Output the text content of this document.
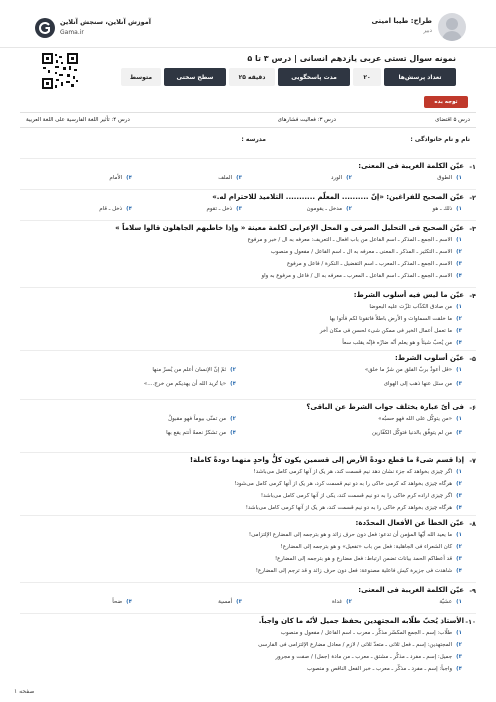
طراح: طیبا امینی
دبیر
آموزش آنلاین، سنجش آنلاین
Gama.ir
نمونه سوال تستی عربی یازدهم انسانی | درس ۳ تا ۵
تعداد پرسش‌ها
۲۰
مدت پاسخگویی
۲۵ دقیقه
سطح سختی
متوسط
توجه بده
درس ۵ اقتضای
درس ۳: فعالیت فشارهای
درس ۴: تأثیر اللغة الفارسیة علی اللغة العربیة
نام و نام خانوادگی :
مدرسه :
۱-
عیّن الکلمة الغریبة فی المعنی:
۱)الطوق
۲)الورد
۳)الملف
۴)الأمام
۲-
عیّن الصحیح للفراغین: «إنّ .......... المعلّم ........... التلامیذ للاحترام له.»
۱)ذلك ـ هو
۲)مدخل ـ يقومون
۳)ذخل ـ تقوم
۴)ذخل ـ قام
۳-
عیّن الصحیح فی التحلیل الصرفی و المحل الإعرابی لکلمة معینة « وإذا خاطبهم الجاهلون قالوا سلاماً »
۱)الاسم ـ الجمع ـ المذكر ـ اسم الفاعل من باب افعال ـ التعريف: معرفه به ال / خبر و مرفوع
۲)الاسم ـ التكثير ـ المذكر ـ المعنى ـ معرفه به ال ـ اسم الفاعل / مفعول و منصوب
۳)الاسم ـ الجمع ـ المذكر ـ المعرب ـ اسم التفضيل ـ النكرة / فاعل و مرفوع
۴)الاسم ـ الجمع ـ المذكر ـ اسم الفاعل ـ المعرب ـ معرفه به ال / فاعل و مرفوع به واو
۴-
عیّن ما لیس فیه أسلوب الشرط:
۱)من صادق الكذّاب تلزّت عليه البعوضا
۲)ما خلقت السماوات و الأرض باطلاً فاتقونا لكم فأتوا بها
۳)ما تعمل أعمال الخير فی ممکن شیء لحسن فی مکان آخر
۴)من يُحبّ شيئاً و هو يعلم أنّه ضارّه فإنّه يقلب سعاً
۵-
عیّن أسلوب الشرط:
۱)«قل أعوذُ بربّ الفلق من شرّ ما خلق»
۲)ثمّ إنّ الإنسان أعلم من يُسرّ منها
۳)من سئل عنها ذهب إلی الهوای
۴)«یا تُرید الله أن يهديكم من خرج....»
۶-
فی أیّ عبارة یختلف جواب الشرط عن الباقی؟
۱)«من یتوکّل علی الله فهو حسبُه»
۲)من تمنّی بیوماً فهو مقبولٌ
۳)من لم یتوفّق بالدنیا فتوکّل الکفّارین
۴)من تشکرُ نعمةً أنتم یقع بها
۷-
إذا قسم شیءٌ ما قطع دودةً الأرض إلی قسمین یکون کلُّ واحدٍ منهما دودةً کاملة!
۱)اگر چیزی بخواهد که جزء نشان دهد نیم قسمت کند، هر یک از آنها کرمی کامل می‌باشد!
۲)هرگاه چیزی بخواهد که کرمی خاکی را به دو نیم قسمت کرد، هر یک از آنها کرمی کامل می‌شود!
۳)اگر چیزی اراده کرم خاکی را به دو نیم قسمت کند، یکی از آنها کرمی کامل می‌باشد!
۴)هرگاه چیزی بخواهد کرم خاکی را به دو نیم قسمت کند، هر یک از آنها کرمی کامل می‌باشد!
۸-
عیّن الخطأ عن الأفعال المحدّدة:
۱)ما یعید الله أیّها المؤمن أن تدعو: فعل دون حرف زائد و هو بترجمه إلی المضارع الإلتزامی!
۲)كان الشعراء فی الجاهلیة: فعل من باب «تفعیل» و هو بترجمه إلی المضارع!
۳)قد أعطاکم الحمد بیانات تضمن ارتباط: فعل مضارع و هو بترجمه إلی المضارع!
۴)شاهدت فی جزیرة کیش فاعلیة مصنوعة: فعل دون حرف زائد و قد ترجم إلی المضارع!
۹-
عیّن الکلمة الغریبة فی المعنی:
۱)عشیّة
۲)غداة
۳)أمسية
۴)ضحاً
۱۰-
الأستاذ یُحبّ طلّابه المجتهدین بحفظ جمیل لأنّه ما کان واجباً.
۱)طلّاب: إسم ـ الجمع المکسّر مذکّر ـ معرب ـ اسم الفاعل / مفعول و منصوب
۲)المجتهدین: إسم ـ فعل ثلاثی ـ متعدّ ثلاثی / لازم / معادل مضارع الإلتزامی فی الفارسی
۳)جمیل: إسم ـ مفرد ـ مذکّر ـ مشتق ـ معرب ـ من مادة (جمل) / صفت و مجرور
۴)واجباً: إسم ـ مفرد ـ مذکّر ـ معرب ـ خبر الفعل الناقص و منصوب
صفحه ۱
